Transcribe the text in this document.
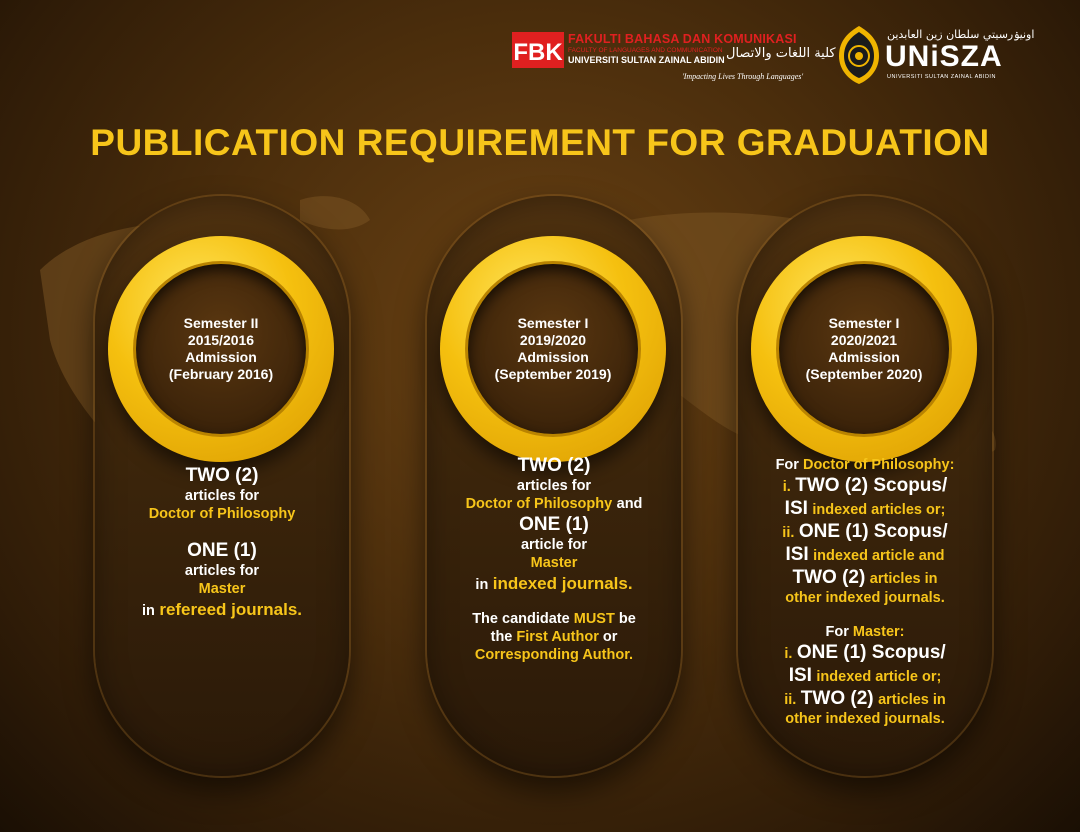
FBK FAKULTI BAHASA DAN KOMUNIKASI
FACULTY OF LANGUAGES AND COMMUNICATION
UNIVERSITI SULTAN ZAINAL ABIDIN كلية اللغات والاتصال
'Impacting Lives Through Languages'
اونيۏرسيتي سلطان زين العابدين
UNiSZA
UNIVERSITI SULTAN ZAINAL ABIDIN
PUBLICATION REQUIREMENT FOR GRADUATION
Semester II
2015/2016
Admission
(February 2016)
TWO (2)
articles for
Doctor of Philosophy
ONE (1)
articles for
Master
in refereed journals.
Semester I
2019/2020
Admission
(September 2019)
TWO (2)
articles for
Doctor of Philosophy and
ONE (1)
article for
Master
in indexed journals.
The candidate MUST be
the First Author or
Corresponding Author.
Semester I
2020/2021
Admission
(September 2020)
For Doctor of Philosophy:
i. TWO (2) Scopus/
ISI indexed articles or;
ii. ONE (1) Scopus/
ISI indexed article and
TWO (2) articles in
other indexed journals.
For Master:
i. ONE (1) Scopus/
ISI indexed article or;
ii. TWO (2) articles in
other indexed journals.
